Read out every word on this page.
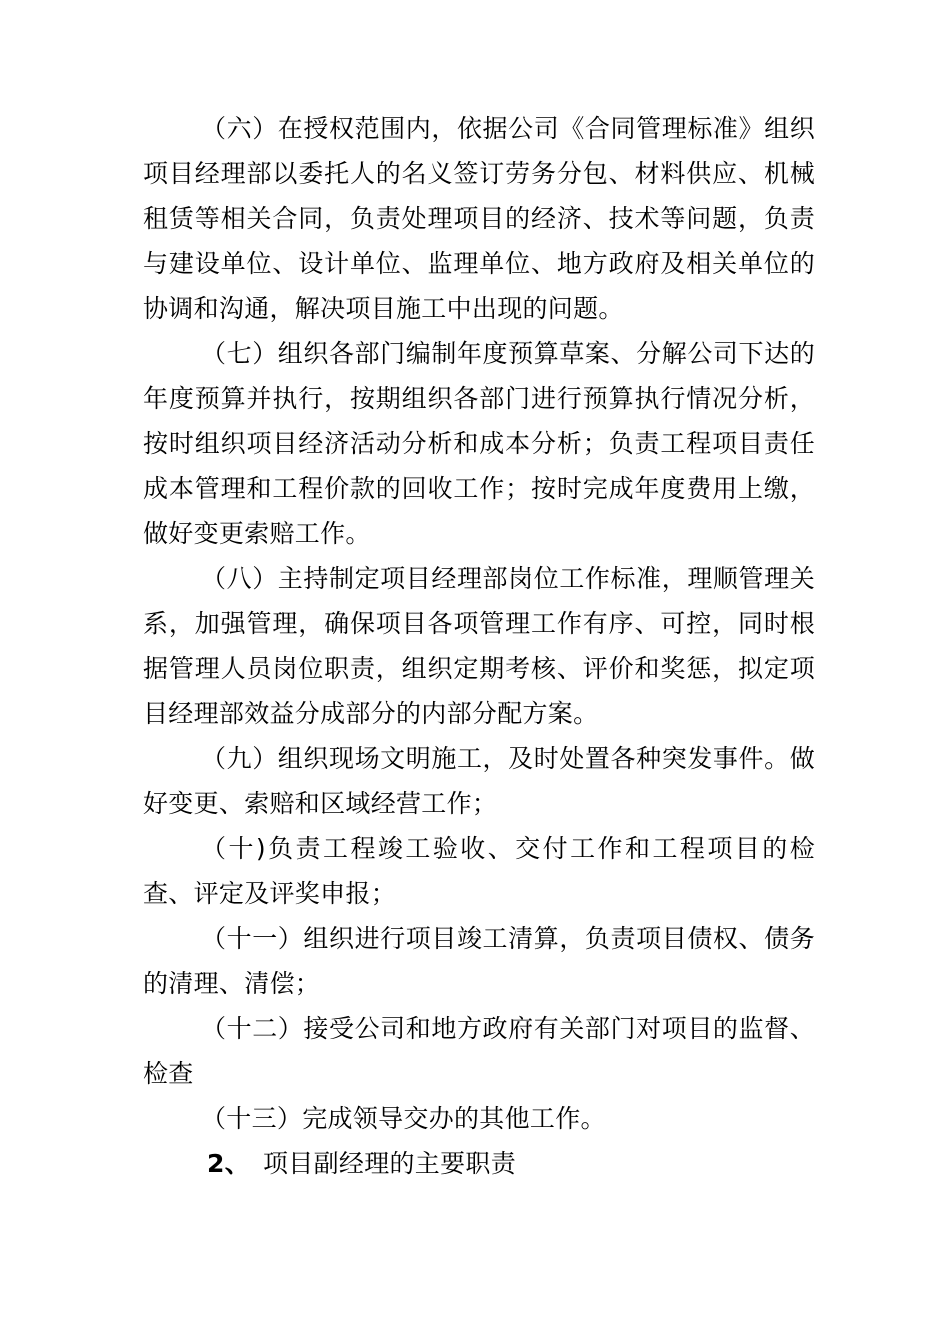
（六）在授权范围内，依据公司《合同管理标准》组织项目经理部以委托人的名义签订劳务分包、材料供应、机械租赁等相关合同，负责处理项目的经济、技术等问题，负责与建设单位、设计单位、监理单位、地方政府及相关单位的协调和沟通，解决项目施工中出现的问题。

（七）组织各部门编制年度预算草案、分解公司下达的年度预算并执行，按期组织各部门进行预算执行情况分析，按时组织项目经济活动分析和成本分析；负责工程项目责任成本管理和工程价款的回收工作；按时完成年度费用上缴，做好变更索赔工作。

（八）主持制定项目经理部岗位工作标准，理顺管理关系，加强管理，确保项目各项管理工作有序、可控，同时根据管理人员岗位职责，组织定期考核、评价和奖惩，拟定项目经理部效益分成部分的内部分配方案。

（九）组织现场文明施工，及时处置各种突发事件。做好变更、索赔和区域经营工作；

（十)负责工程竣工验收、交付工作和工程项目的检查、评定及评奖申报；

（十一）组织进行项目竣工清算，负责项目债权、债务的清理、清偿；

（十二）接受公司和地方政府有关部门对项目的监督、检查

（十三）完成领导交办的其他工作。

2、 项目副经理的主要职责
